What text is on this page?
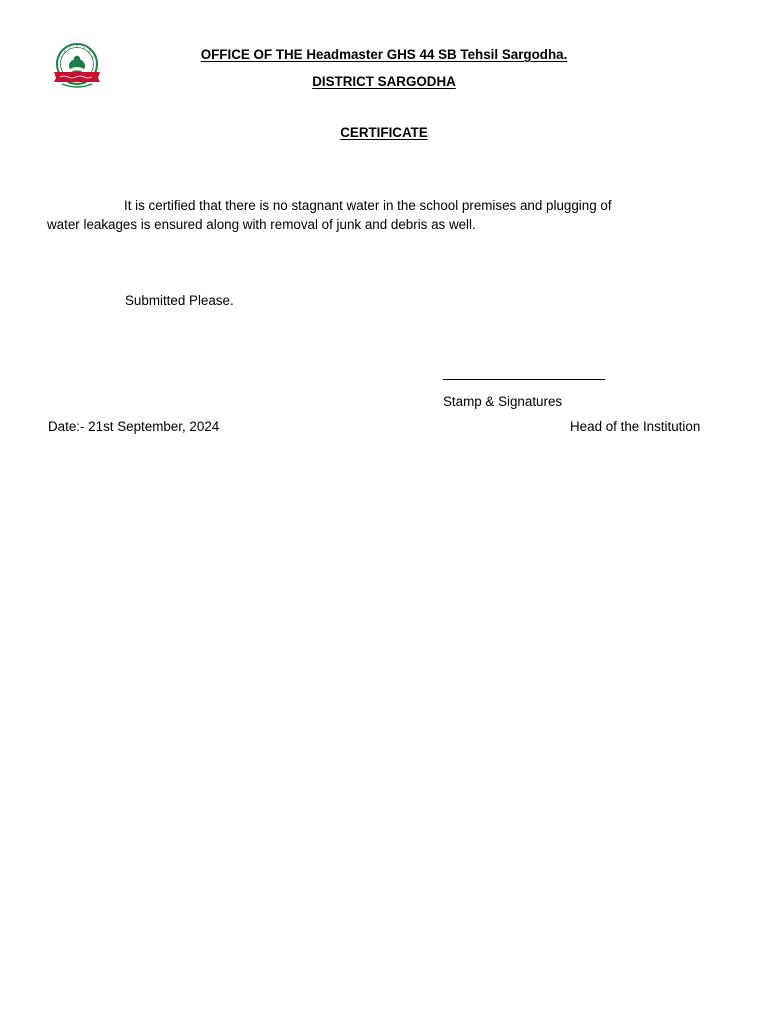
OFFICE OF THE Headmaster GHS 44 SB Tehsil Sargodha.
DISTRICT SARGODHA
CERTIFICATE
It is certified that there is no stagnant water in the school premises and plugging of
water leakages is ensured along with removal of junk and debris as well.
Submitted Please.
Stamp & Signatures
Date:- 21st September, 2024	Head of the Institution
